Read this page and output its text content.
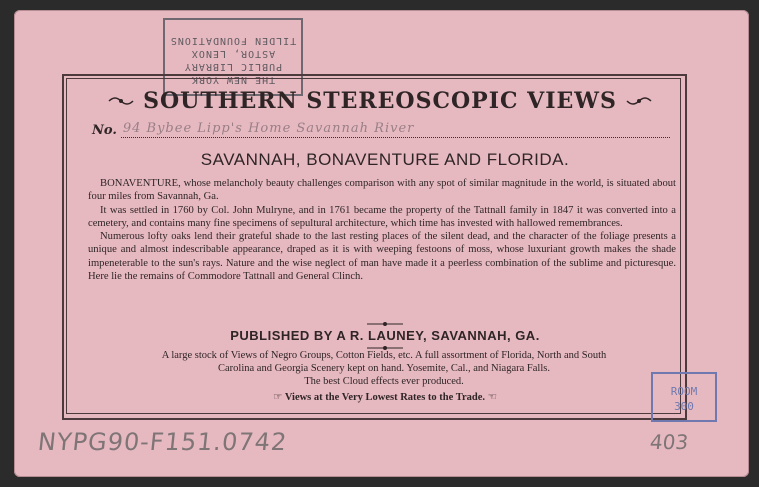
THE NEW YORK
PUBLIC LIBRARY
ASTOR, LENOX
TILDEN FOUNDATIONS
SOUTHERN STEREOSCOPIC VIEWS
No. 94 Bybee Lipp's Home Savannah River
SAVANNAH, BONAVENTURE AND FLORIDA.

BONAVENTURE, whose melancholy beauty challenges comparison with any spot of similar magnitude in the world, is situated about four miles from Savannah, Ga.

It was settled in 1760 by Col. John Mulryne, and in 1761 became the property of the Tattnall family in 1847 it was converted into a cemetery, and contains many fine specimens of sepultural architecture, which time has invested with hallowed remembrances.

Numerous lofty oaks lend their grateful shade to the last resting places of the silent dead, and the character of the foliage presents a unique and almost indescribable appearance, draped as it is with weeping festoons of moss, whose luxuriant growth makes the shade impeneterable to the sun's rays. Nature and the wise neglect of man have made it a peerless combination of the sublime and picturesque. Here lie the remains of Commodore Tattnall and General Clinch.

PUBLISHED BY A R. LAUNEY, SAVANNAH, GA.
A large stock of Views of Negro Groups, Cotton Fields, etc. A full assortment of Florida, North and South
Carolina and Georgia Scenery kept on hand. Yosemite, Cal., and Niagara Falls.
The best Cloud effects ever produced.
☞ Views at the Very Lowest Rates to the Trade. ☜	ROOM
300
NYPG90-F151.0742	403
